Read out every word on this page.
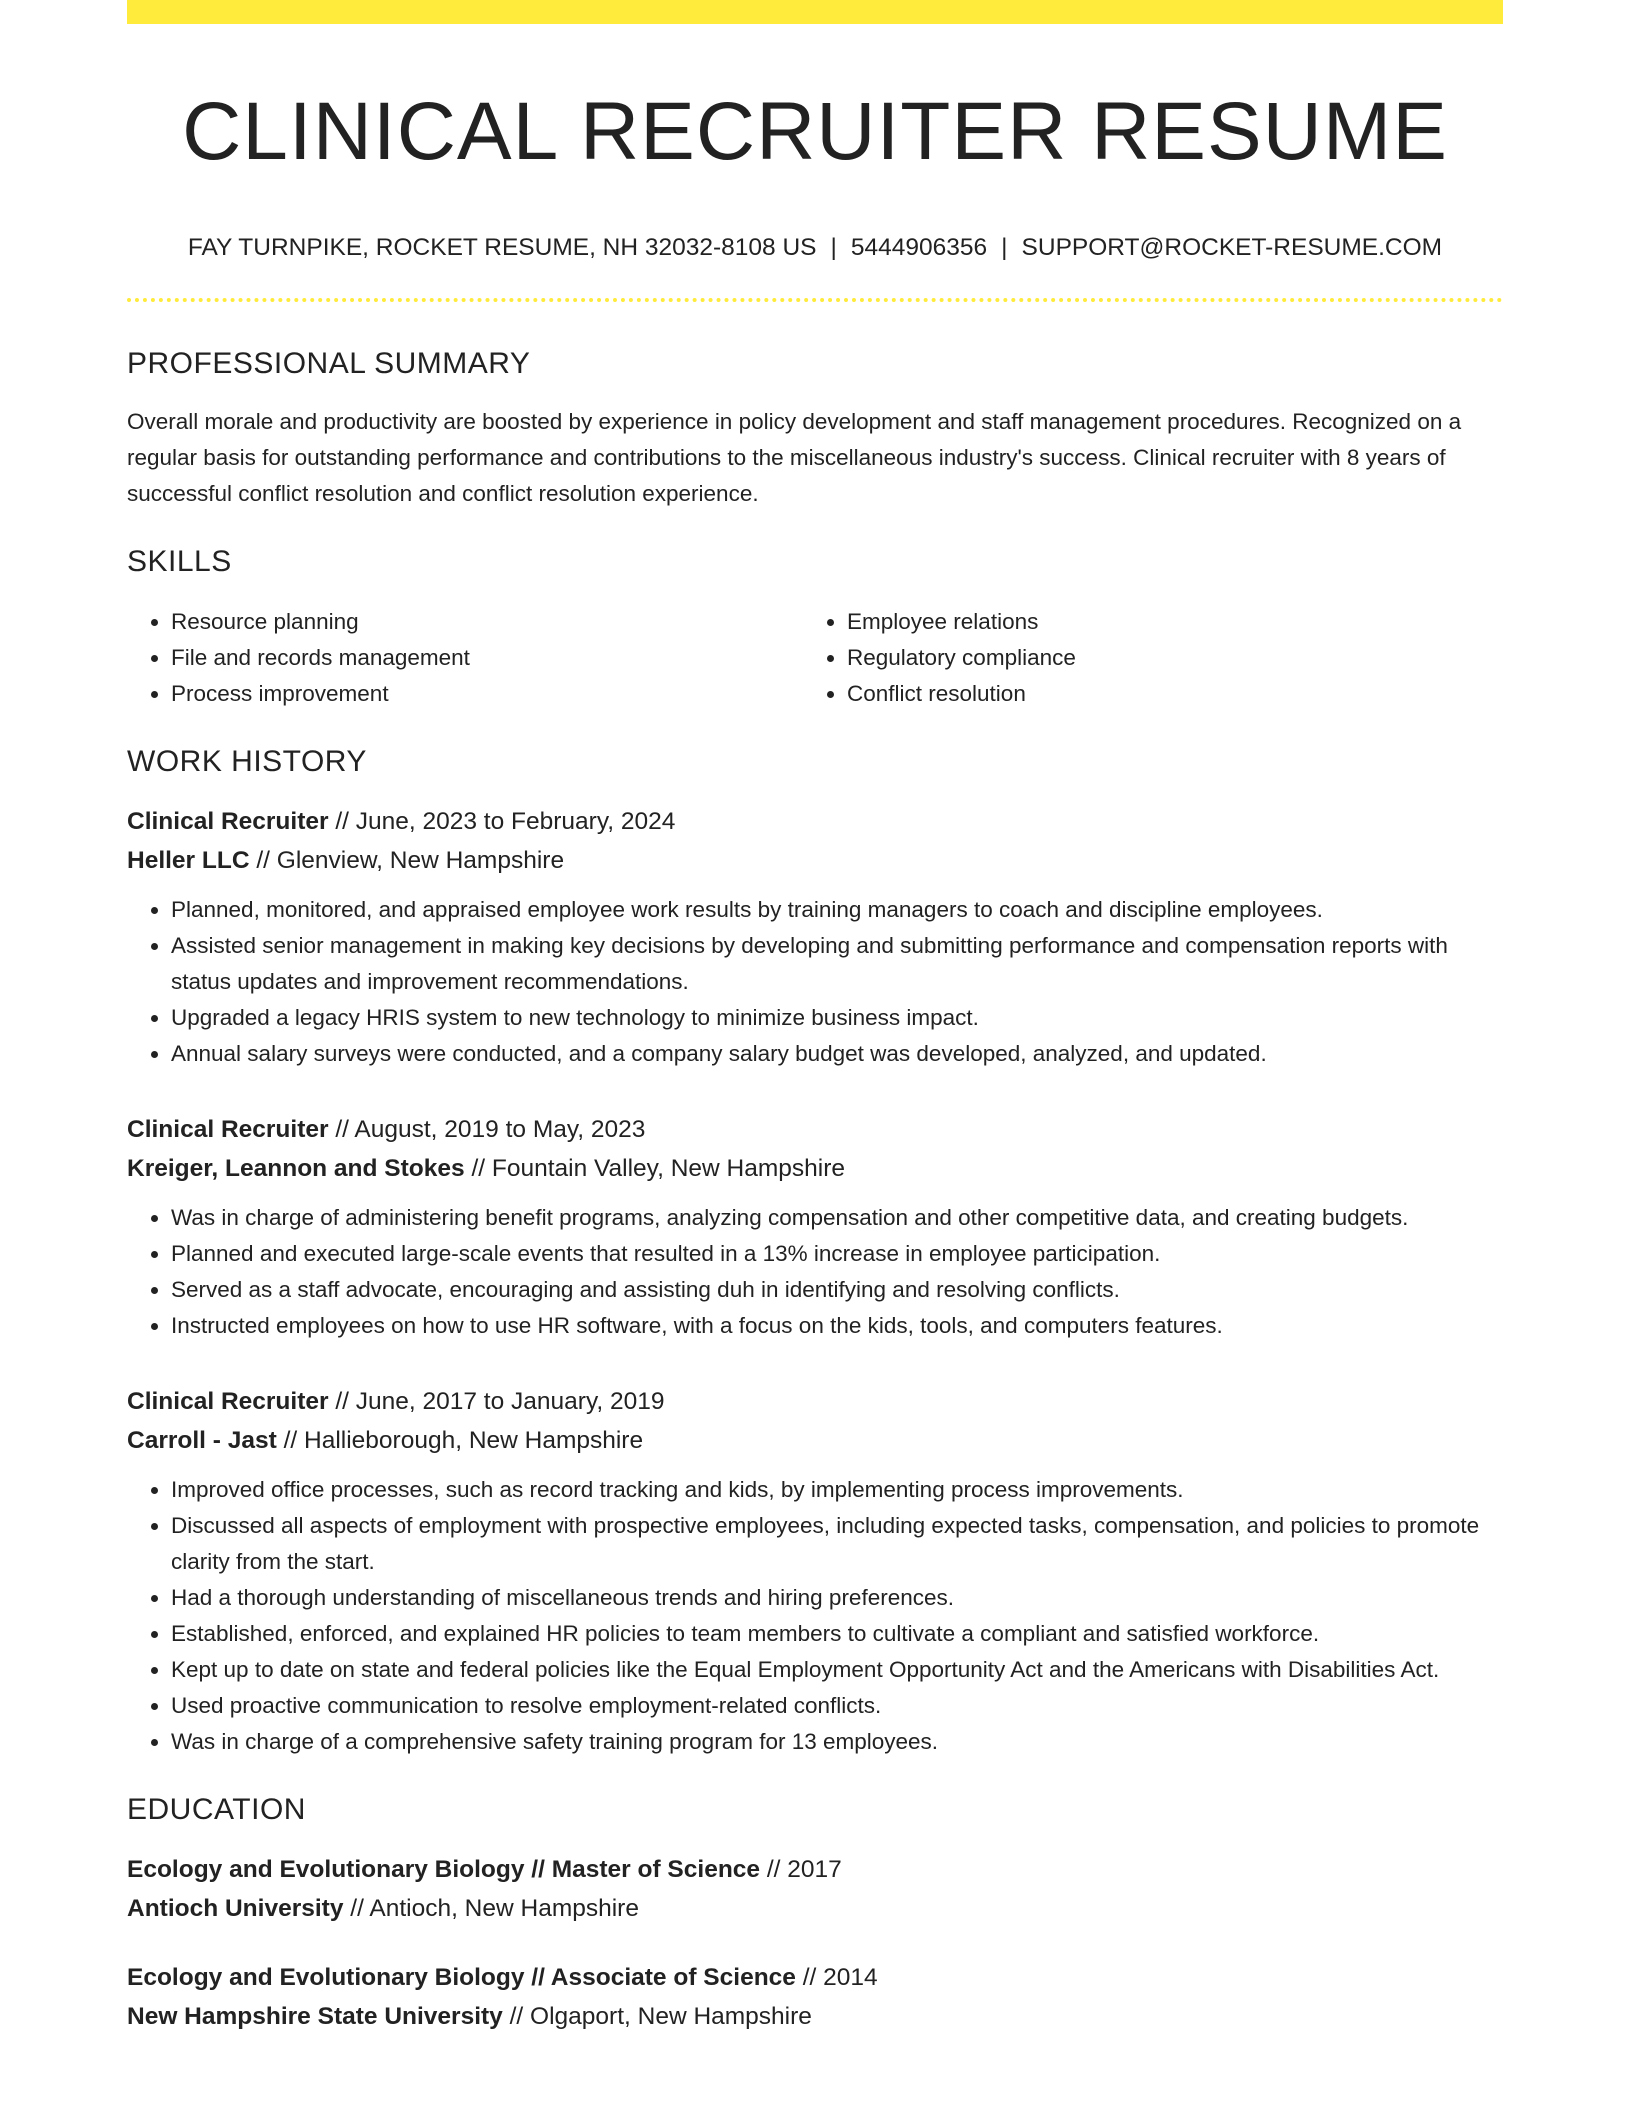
CLINICAL RECRUITER RESUME
FAY TURNPIKE, ROCKET RESUME, NH 32032-8108 US | 5444906356 | SUPPORT@ROCKET-RESUME.COM
PROFESSIONAL SUMMARY
Overall morale and productivity are boosted by experience in policy development and staff management procedures. Recognized on a regular basis for outstanding performance and contributions to the miscellaneous industry's success. Clinical recruiter with 8 years of successful conflict resolution and conflict resolution experience.
SKILLS
• Resource planning
• File and records management
• Process improvement
• Employee relations
• Regulatory compliance
• Conflict resolution
WORK HISTORY
Clinical Recruiter // June, 2023 to February, 2024
Heller LLC // Glenview, New Hampshire
• Planned, monitored, and appraised employee work results by training managers to coach and discipline employees.
• Assisted senior management in making key decisions by developing and submitting performance and compensation reports with status updates and improvement recommendations.
• Upgraded a legacy HRIS system to new technology to minimize business impact.
• Annual salary surveys were conducted, and a company salary budget was developed, analyzed, and updated.
Clinical Recruiter // August, 2019 to May, 2023
Kreiger, Leannon and Stokes // Fountain Valley, New Hampshire
• Was in charge of administering benefit programs, analyzing compensation and other competitive data, and creating budgets.
• Planned and executed large-scale events that resulted in a 13% increase in employee participation.
• Served as a staff advocate, encouraging and assisting duh in identifying and resolving conflicts.
• Instructed employees on how to use HR software, with a focus on the kids, tools, and computers features.
Clinical Recruiter // June, 2017 to January, 2019
Carroll - Jast // Hallieborough, New Hampshire
• Improved office processes, such as record tracking and kids, by implementing process improvements.
• Discussed all aspects of employment with prospective employees, including expected tasks, compensation, and policies to promote clarity from the start.
• Had a thorough understanding of miscellaneous trends and hiring preferences.
• Established, enforced, and explained HR policies to team members to cultivate a compliant and satisfied workforce.
• Kept up to date on state and federal policies like the Equal Employment Opportunity Act and the Americans with Disabilities Act.
• Used proactive communication to resolve employment-related conflicts.
• Was in charge of a comprehensive safety training program for 13 employees.
EDUCATION
Ecology and Evolutionary Biology // Master of Science // 2017
Antioch University // Antioch, New Hampshire
Ecology and Evolutionary Biology // Associate of Science // 2014
New Hampshire State University // Olgaport, New Hampshire
